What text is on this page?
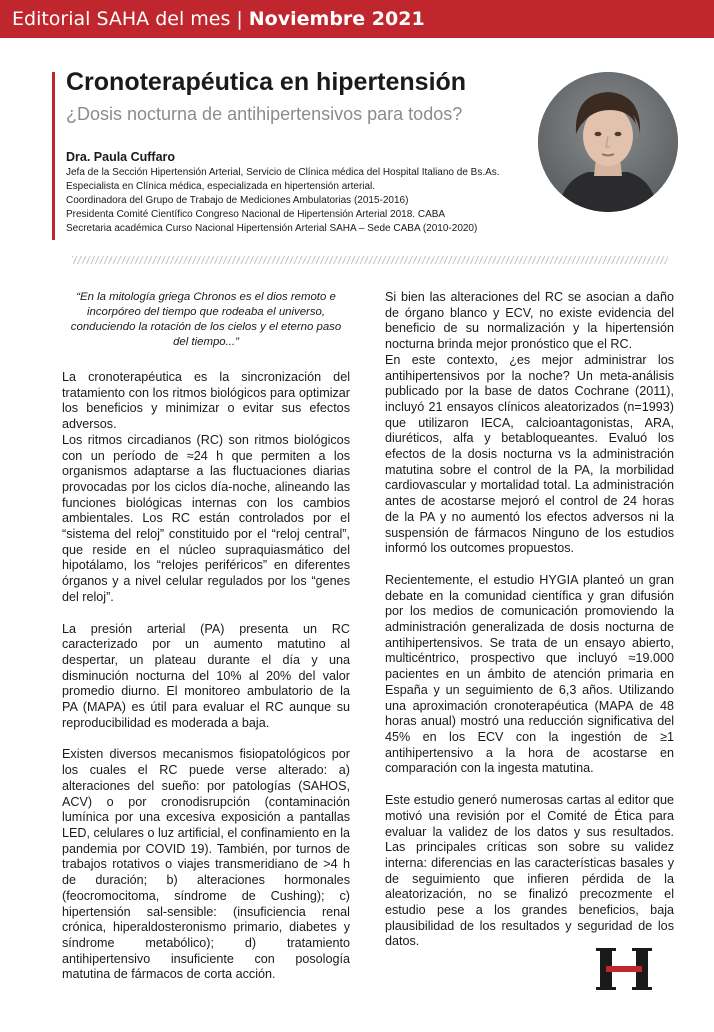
Editorial SAHA del mes | Noviembre 2021
Cronoterapéutica en hipertensión
¿Dosis nocturna de antihipertensivos para todos?
Dra. Paula Cuffaro
Jefa de la Sección Hipertensión Arterial, Servicio de Clínica médica del Hospital Italiano de Bs.As.
Especialista en Clínica médica, especializada en hipertensión arterial.
Coordinadora del Grupo de Trabajo de Mediciones Ambulatorias (2015-2016)
Presidenta Comité Científico Congreso Nacional de Hipertensión Arterial 2018. CABA
Secretaria académica Curso Nacional Hipertensión Arterial SAHA – Sede CABA (2010-2020)
“En la mitología griega Chronos es el dios remoto e incorpóreo del tiempo que rodeaba el universo, conduciendo la rotación de los cielos y el eterno paso del tiempo...”

La cronoterapéutica es la sincronización del tratamiento con los ritmos biológicos para optimizar los beneficios y minimizar o evitar sus efectos adversos.

Los ritmos circadianos (RC) son ritmos biológicos con un período de ≈24 h que permiten a los organismos adaptarse a las fluctuaciones diarias provocadas por los ciclos día-noche, alineando las funciones biológicas internas con los cambios ambientales. Los RC están controlados por el “sistema del reloj” constituido por el “reloj central”, que reside en el núcleo supraquiasmático del hipotálamo, los “relojes periféricos” en diferentes órganos y a nivel celular regulados por los “genes del reloj”.

La presión arterial (PA) presenta un RC caracterizado por un aumento matutino al despertar, un plateau durante el día y una disminución nocturna del 10% al 20% del valor promedio diurno. El monitoreo ambulatorio de la PA (MAPA) es útil para evaluar el RC aunque su reproducibilidad es moderada a baja.

Existen diversos mecanismos fisiopatológicos por los cuales el RC puede verse alterado: a) alteraciones del sueño: por patologías (SAHOS, ACV) o por cronodisrupción (contaminación lumínica por una excesiva exposición a pantallas LED, celulares o luz artificial, el confinamiento en la pandemia por COVID 19). También, por turnos de trabajos rotativos o viajes transmeridiano de >4 h de duración; b) alteraciones hormonales (feocromocitoma, síndrome de Cushing); c) hipertensión sal-sensible: (insuficiencia renal crónica, hiperaldosteronismo primario, diabetes y síndrome metabólico); d) tratamiento antihipertensivo insuficiente con posología matutina de fármacos de corta acción.

Si bien las alteraciones del RC se asocian a daño de órgano blanco y ECV, no existe evidencia del beneficio de su normalización y la hipertensión nocturna brinda mejor pronóstico que el RC.

En este contexto, ¿es mejor administrar los antihipertensivos por la noche? Un meta-análisis publicado por la base de datos Cochrane (2011), incluyó 21 ensayos clínicos aleatorizados (n=1993) que utilizaron IECA, calcioantagonistas, ARA, diuréticos, alfa y betabloqueantes. Evaluó los efectos de la dosis nocturna vs la administración matutina sobre el control de la PA, la morbilidad cardiovascular y mortalidad total. La administración antes de acostarse mejoró el control de 24 horas de la PA y no aumentó los efectos adversos ni la suspensión de fármacos Ninguno de los estudios informó los outcomes propuestos.

Recientemente, el estudio HYGIA planteó un gran debate en la comunidad científica y gran difusión por los medios de comunicación promoviendo la administración generalizada de dosis nocturna de antihipertensivos. Se trata de un ensayo abierto, multicéntrico, prospectivo que incluyó ≈19.000 pacientes en un ámbito de atención primaria en España y un seguimiento de 6,3 años. Utilizando una aproximación cronoterapéutica (MAPA de 48 horas anual) mostró una reducción significativa del 45% en los ECV con la ingestión de ≥1 antihipertensivo a la hora de acostarse en comparación con la ingesta matutina.

Este estudio generó numerosas cartas al editor que motivó una revisión por el Comité de Ética para evaluar la validez de los datos y sus resultados. Las principales críticas son sobre su validez interna: diferencias en las características basales y de seguimiento que infieren pérdida de la aleatorización, no se finalizó precozmente el estudio pese a los grandes beneficios, baja plausibilidad de los resultados y seguridad de los datos.
